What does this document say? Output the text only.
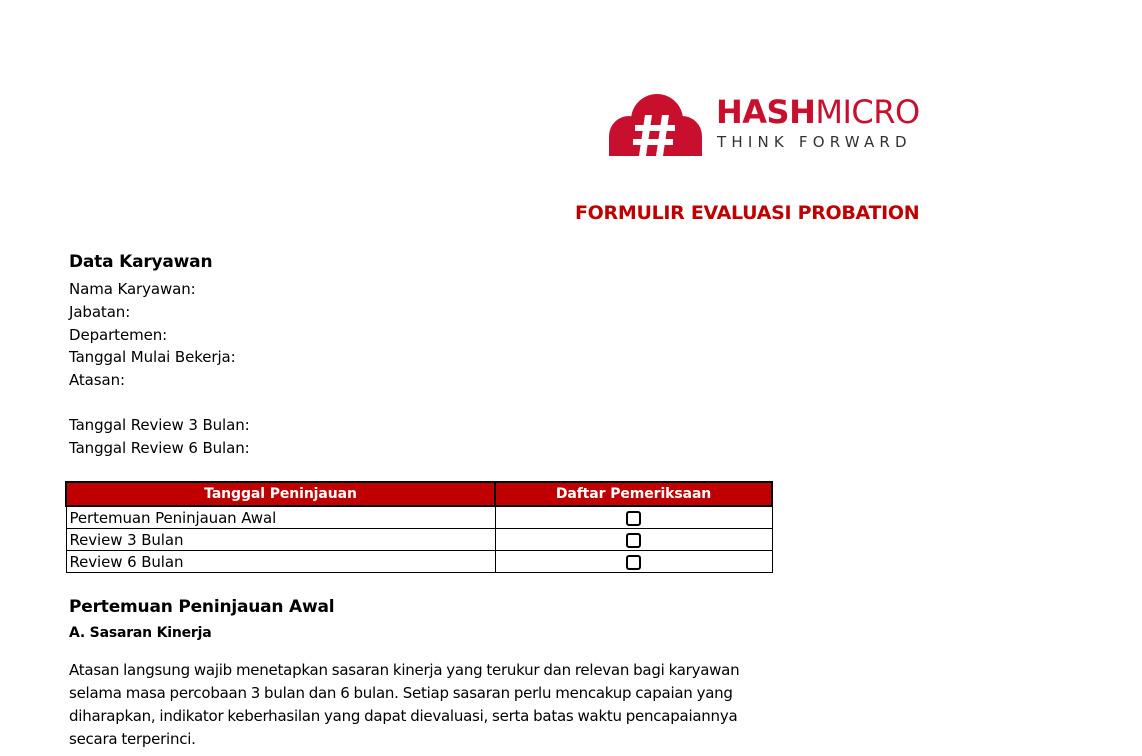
HASHMICRO
THINK FORWARD
FORMULIR EVALUASI PROBATION
Data Karyawan
Nama Karyawan:
Jabatan:
Departemen:
Tanggal Mulai Bekerja:
Atasan:
Tanggal Review 3 Bulan:
Tanggal Review 6 Bulan:
Tanggal Peninjauan	Daftar Pemeriksaan
Pertemuan Peninjauan Awal	
Review 3 Bulan	
Review 6 Bulan	
Pertemuan Peninjauan Awal
A. Sasaran Kinerja

Atasan langsung wajib menetapkan sasaran kinerja yang terukur dan relevan bagi karyawan selama masa percobaan 3 bulan dan 6 bulan. Setiap sasaran perlu mencakup capaian yang diharapkan, indikator keberhasilan yang dapat dievaluasi, serta batas waktu pencapaiannya secara terperinci.
